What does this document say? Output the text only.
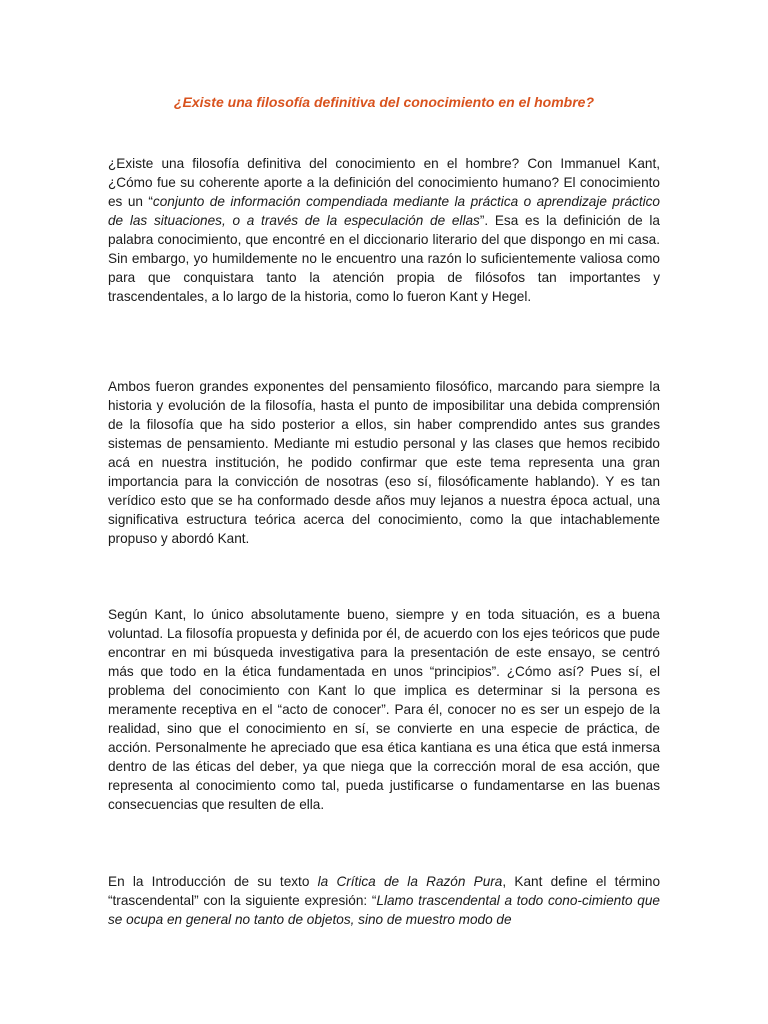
¿Existe una filosofía definitiva del conocimiento en el hombre?

¿Existe una filosofía definitiva del conocimiento en el hombre? Con Immanuel Kant, ¿Cómo fue su coherente aporte a la definición del conocimiento humano? El conocimiento es un “conjunto de información compendiada mediante la práctica o aprendizaje práctico de las situaciones, o a través de la especulación de ellas”. Esa es la definición de la palabra conocimiento, que encontré en el diccionario literario del que dispongo en mi casa. Sin embargo, yo humildemente no le encuentro una razón lo suficientemente valiosa como para que conquistara tanto la atención propia de filósofos tan importantes y trascendentales, a lo largo de la historia, como lo fueron Kant y Hegel.

Ambos fueron grandes exponentes del pensamiento filosófico, marcando para siempre la historia y evolución de la filosofía, hasta el punto de imposibilitar una debida comprensión de la filosofía que ha sido posterior a ellos, sin haber comprendido antes sus grandes sistemas de pensamiento. Mediante mi estudio personal y las clases que hemos recibido acá en nuestra institución, he podido confirmar que este tema representa una gran importancia para la convicción de nosotras (eso sí, filosóficamente hablando). Y es tan verídico esto que se ha conformado desde años muy lejanos a nuestra época actual, una significativa estructura teórica acerca del conocimiento, como la que intachablemente propuso y abordó Kant.

Según Kant, lo único absolutamente bueno, siempre y en toda situación, es a buena voluntad. La filosofía propuesta y definida por él, de acuerdo con los ejes teóricos que pude encontrar en mi búsqueda investigativa para la presentación de este ensayo, se centró más que todo en la ética fundamentada en unos “principios”. ¿Cómo así? Pues sí, el problema del conocimiento con Kant lo que implica es determinar si la persona es meramente receptiva en el “acto de conocer”. Para él, conocer no es ser un espejo de la realidad, sino que el conocimiento en sí, se convierte en una especie de práctica, de acción. Personalmente he apreciado que esa ética kantiana es una ética que está inmersa dentro de las éticas del deber, ya que niega que la corrección moral de esa acción, que representa al conocimiento como tal, pueda justificarse o fundamentarse en las buenas consecuencias que resulten de ella.

En la Introducción de su texto la Crítica de la Razón Pura, Kant define el término “trascendental” con la siguiente expresión: “Llamo trascendental a todo cono-cimiento que se ocupa en general no tanto de objetos, sino de muestro modo de
